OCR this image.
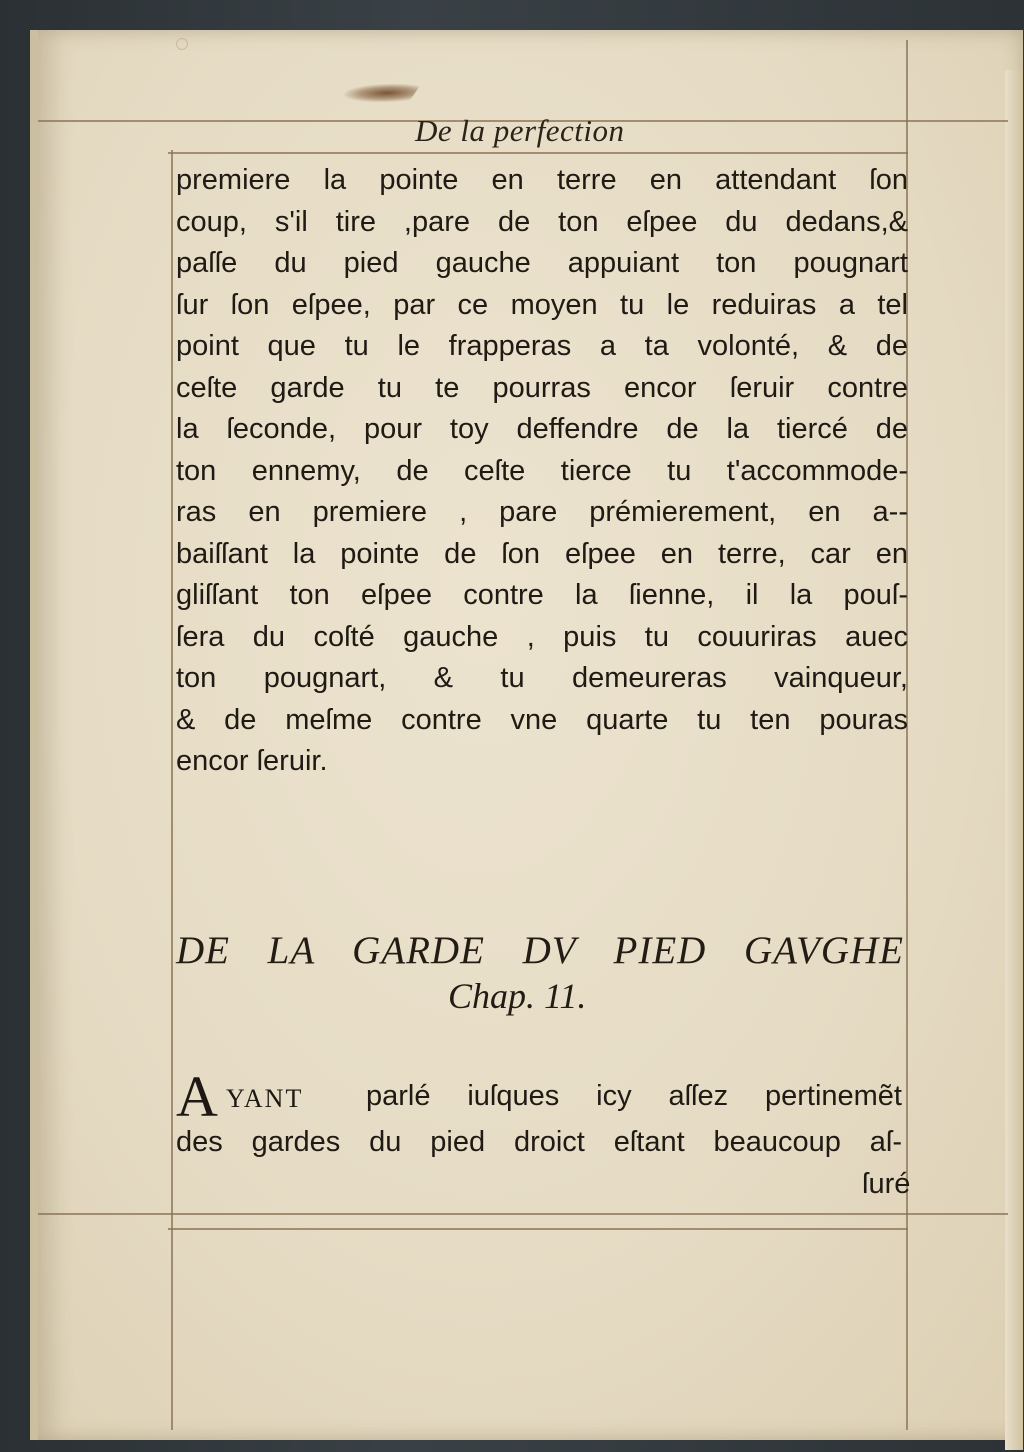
De la perfection
premiere la pointe en terre en attendant ſon
coup, s'il tire ,pare de ton eſpee du dedans,&
paſſe du pied gauche appuiant ton pougnart
ſur ſon eſpee, par ce moyen tu le reduiras a tel
point que tu le frapperas a ta volonté, & de
ceſte garde tu te pourras encor ſeruir contre
la ſeconde, pour toy deffendre de la tiercé de
ton ennemy, de ceſte tierce tu t'accommode-
ras en premiere , pare prémierement, en a--
baiſſant la pointe de ſon eſpee en terre, car en
gliſſant ton eſpee contre la ſienne, il la pouſ-
ſera du coſté gauche , puis tu couuriras auec
ton pougnart, & tu demeureras vainqueur,
& de meſme contre vne quarte tu ten pouras
encor ſeruir.
DE LA GARDE DV PIED GAVGHE
Chap. 11.
A YANT parlé iuſques icy aſſez pertinemẽt
des gardes du pied droict eſtant beaucoup aſ-
ſuré
